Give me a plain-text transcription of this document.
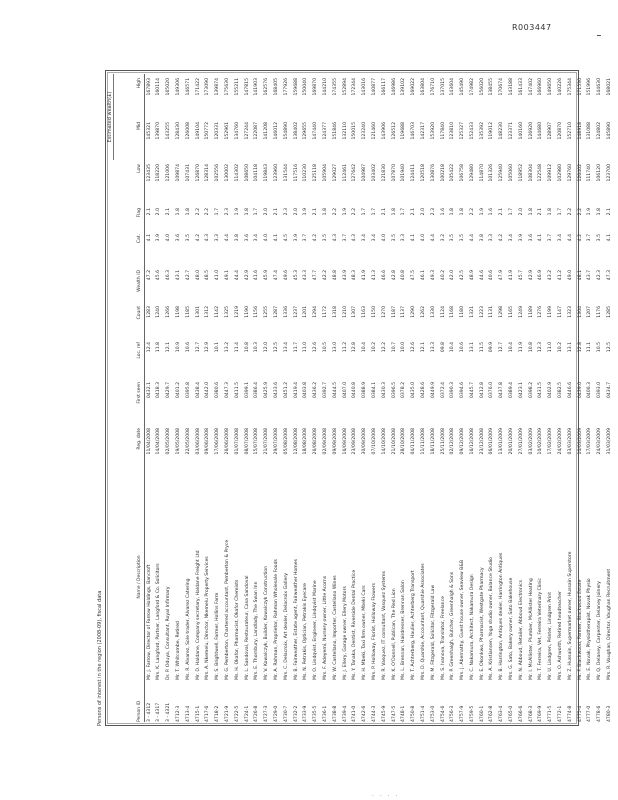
R003447
Persons of interest in the region (2008-09), fiscal data
Estimated wealth(£)
Person ID
Name / Description
Reg. date
First seen
Loc. ref
Count
Wealth ID
Cat.
Flag
Low
Mid
High
3 - 4312
Mr. J. Farrow, Director of Farrow Holdings, Bancroft
11/04/2008
0432.1
12.4
1283
47.2
4.1
2.1
123435
145321
167893
3 - 4317
Mrs. K. Langford, Partner, Langford & Co. Solicitors
14/04/2008
0418.3
11.8
1240
45.6
3.9
2.0
118220
139870
160114
3 - 4321
Dr. P. Oduya, Consultant, Royal Infirmary
02/05/2008
0429.7
12.1
1266
46.3
4.0
2.1
121006
143255
165020
4712-3
Mr. T. Whitcombe, Retired
19/05/2008
0401.2
10.9
1198
43.1
3.6
1.8
109874
128430
149306
4713-4
Ms. R. Alvarez, Sole trader, Alvarez Catering
22/05/2008
0395.8
10.6
1185
42.7
3.5
1.8
107431
126008
146571
4715-1
Mr. D. Haldane, Company secretary, Haldane Freight Ltd
03/06/2008
0438.4
12.7
1301
48.0
4.2
2.2
126870
149104
171422
4717-6
Mrs. A. Nkemelu, Director, Nkemelu Property Services
09/06/2008
0442.0
12.9
1312
48.5
4.3
2.2
128314
150772
173090
4718-2
Mr. S. Brightwell, Farmer, Hollins Farm
17/06/2008
0380.6
10.1
1142
41.0
3.3
1.7
102556
120331
139874
4721-9
Mr. G. Pemberton, Chartered accountant, Pemberton & Pryce
26/06/2008
0447.3
13.2
1325
49.1
4.4
2.3
130002
152961
175630
4722-5
Ms. H. Okafor, Pharmacist, Okafor Chemists
01/07/2008
0411.5
11.4
1219
44.4
3.8
1.9
114302
134760
155211
4724-1
Mr. L. Sandoval, Restaurateur, Casa Sandoval
08/07/2008
0399.1
10.8
1190
42.9
3.6
1.8
108650
127244
147815
4726-8
Mrs. E. Thornbury, Landlady, The Swan Inn
15/07/2008
0386.4
10.3
1156
41.6
3.4
1.7
104118
122087
141903
4727-3
Mr. V. Kowalczyk, Builder, Kowalczyk Construction
21/07/2008
0425.9
12.0
1255
45.9
4.0
2.0
119843
141208
162576
4729-0
Mr. A. Rahman, Proprietor, Rahman Wholesale Foods
29/07/2008
0433.6
12.5
1287
47.4
4.1
2.1
123960
146012
168405
4730-7
Mrs. C. Delacroix, Art dealer, Delacroix Gallery
05/08/2008
0451.2
13.4
1336
49.6
4.5
2.3
131544
154890
177926
4732-2
Mr. B. Fairweather, Estate agent, Fairweather Homes
12/08/2008
0419.4
11.7
1237
45.3
3.9
2.0
117516
138402
159688
4733-9
Ms. N. Petrakis, Optician, Petrakis Eyecare
18/08/2008
0403.8
11.0
1201
43.3
3.7
1.9
110230
129655
150040
4735-5
Mr. O. Lindqvist, Engineer, Lindqvist Marine
26/08/2008
0436.2
12.6
1294
47.7
4.2
2.1
125118
147440
169870
4736-1
Mrs. F. Adeyemi, Nursery owner, Little Acorns
02/09/2008
0392.7
10.5
1172
42.2
3.5
1.8
105904
124377
144210
4738-8
Mr. W. Castellano, Importer, Castellano Wines
09/09/2008
0444.5
13.0
1318
48.8
4.3
2.2
129027
151846
174355
4739-4
Mr. J. Ellery, Garage owner, Ellery Motors
16/09/2008
0407.0
11.2
1210
43.9
3.7
1.9
112461
132110
152894
4741-0
Ms. Y. Tanaka, Dentist, Riverside Dental Practice
23/09/2008
0440.8
12.8
1307
48.3
4.3
2.2
127642
150015
172344
4742-6
Mr. H. Mbeki, Taxi firm owner, Mbeki Cars
30/09/2008
0388.9
10.4
1163
41.9
3.4
1.7
104987
123240
143016
4744-3
Mrs. P. Holloway, Florist, Holloway Flowers
07/10/2008
0384.1
10.2
1150
41.3
3.4
1.7
103402
121460
140877
4745-9
Mr. R. Vasquez, IT consultant, Vasquez Systems
14/10/2008
0430.3
12.2
1270
46.6
4.0
2.1
121830
143906
166117
4747-5
Mr. K. O'Donnell, Publican, The Red Lion
21/10/2008
0396.5
10.7
1187
42.8
3.5
1.8
107870
126512
146986
4748-1
Ms. L. Brennan, Hairdresser, Brennan Salon
28/10/2008
0378.2
10.0
1137
40.8
3.3
1.7
101940
119688
139102
4750-8
Mr. T. Achterberg, Haulier, Achterberg Transport
04/11/2008
0435.0
12.6
1290
47.5
4.1
2.1
124411
146703
169022
4751-4
Mrs. D. Quarshie, Accountant, Quarshie Associates
11/11/2008
0428.6
12.1
1262
46.1
4.0
2.0
120518
142317
163804
4753-0
Mr. M. Fitzgerald, Solicitor, Fitzgerald Law
18/11/2008
0449.9
13.3
1330
49.3
4.4
2.3
130876
153920
176710
4754-6
Ms. S. Ivanova, Translator, Freelance
25/11/2008
0372.4
09.8
1124
40.2
3.2
1.6
100218
117840
137015
4756-3
Mr. P. Greenhalgh, Butcher, Greenhalgh & Sons
02/12/2008
0390.3
10.4
1168
42.0
3.5
1.8
105422
123810
143604
4757-9
Mrs. J. Abernathy, Guest house owner, Seaview B&B
09/12/2008
0394.6
10.6
1180
42.5
3.5
1.8
106758
125327
145490
4759-5
Mr. C. Nakamura, Architect, Nakamura Design
16/12/2008
0445.7
13.1
1321
48.9
4.4
2.2
129480
152433
174982
4760-1
Mr. E. Okonkwo, Pharmacist, Westgate Pharmacy
23/12/2008
0412.8
11.5
1223
44.6
3.8
1.9
114870
135392
156020
4762-8
Ms. A. Kristiansen, Yoga studio owner, Balance Studio
06/01/2009
0376.0
09.9
1131
40.6
3.3
1.6
101326
119012
138455
4763-4
Mr. B. Harrington, Antiques dealer, Harrington Antiques
13/01/2009
0437.8
12.7
1298
47.9
4.2
2.1
125940
148230
170674
4765-0
Mrs. G. Sato, Bakery owner, Sato Bakehouse
20/01/2009
0389.4
10.4
1165
41.9
3.4
1.7
105060
123371
143188
4766-6
Mr. N. Abboud, Retailer, Abboud Electronics
27/01/2009
0423.1
11.9
1249
45.7
3.9
2.0
118952
140160
161433
4768-3
Mr. I. McAllister, Plumber, McAllister Heating
03/02/2009
0398.2
10.8
1189
42.9
3.6
1.8
108304
126920
147402
4769-9
Ms. T. Ferreira, Vet, Ferreira Veterinary Clinic
10/02/2009
0431.5
12.3
1276
46.9
4.1
2.1
122548
144680
166960
4771-5
Mr. U. Lindgren, Printer, Lindgren Print
17/02/2009
0402.9
11.0
1199
43.2
3.7
1.8
109912
128907
149650
4772-1
Mrs. O. Ashworth, Retired headteacher
24/02/2009
0382.5
10.2
1147
41.2
3.4
1.7
102980
120870
140226
4774-8
Mr. Z. Hussain, Supermarket owner, Hussain Superstore
03/03/2009
0446.6
13.1
1323
49.0
4.4
2.2
129760
152710
175344
4775-4
Mr. F. Blackwood, Farmer, Blackwood Estate
10/03/2009
0439.0
12.8
1304
48.1
4.2
2.2
126402
148918
171530
4777-0
Ms. E. Novak, Physiotherapist, Novak Physio
17/03/2009
0406.3
11.1
1207
43.7
3.7
1.9
111740
131088
151996
4778-6
Mr. Q. Delaney, Carpenter, Delaney Joinery
24/03/2009
0393.0
10.5
1176
42.3
3.5
1.8
106120
124802
144630
4780-3
Mrs. R. Vaughan, Director, Vaughan Recruitment
31/03/2009
0434.7
12.5
1285
47.3
4.1
2.1
123700
145890
168021
· · · ·
